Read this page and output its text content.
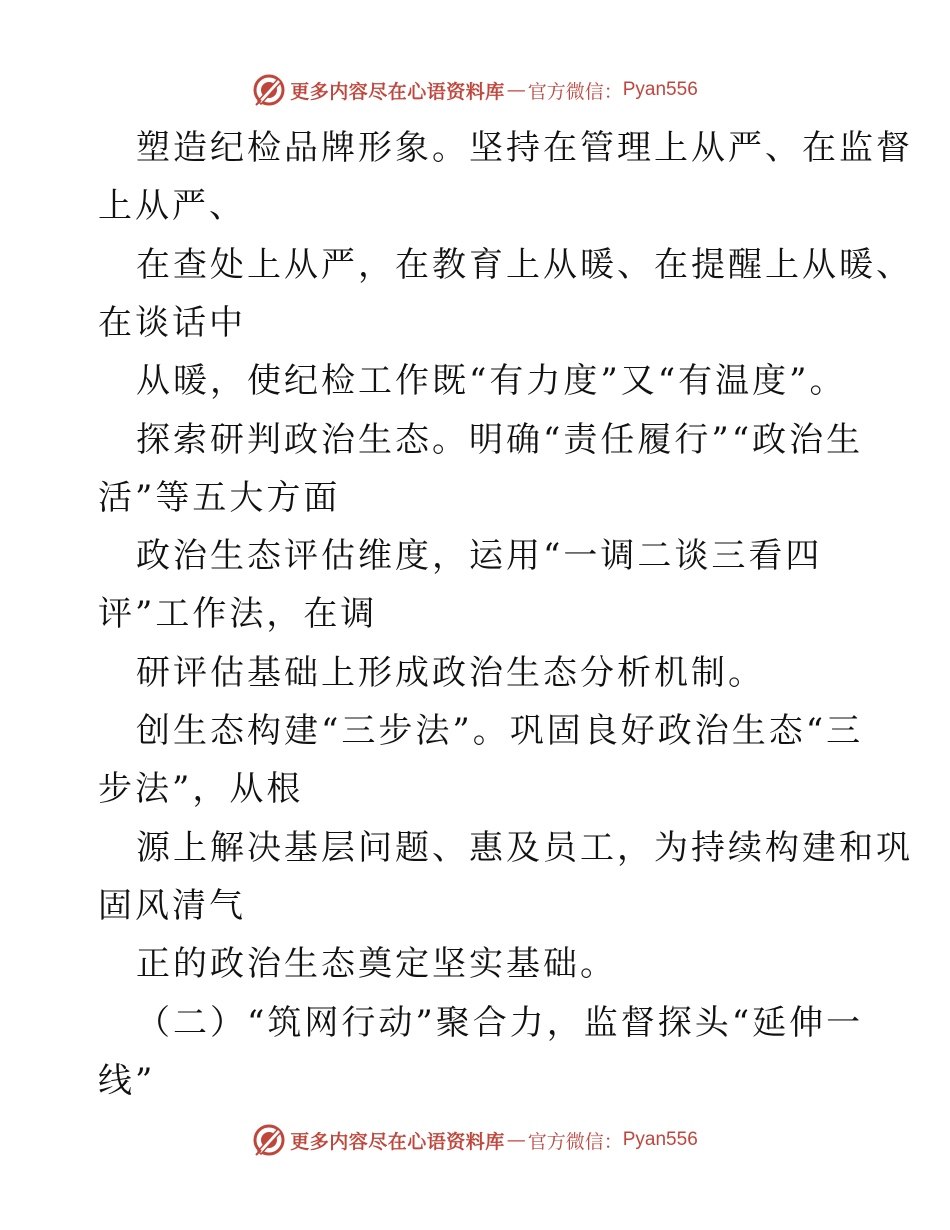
更多内容尽在心语资料库 — 官方微信： Pyan556
塑造纪检品牌形象。坚持在管理上从严、在监督
上从严、
在查处上从严，在教育上从暖、在提醒上从暖、
在谈话中
从暖，使纪检工作既“有力度”又“有温度”。
探索研判政治生态。明确“责任履行”“政治生
活”等五大方面
政治生态评估维度，运用“一调二谈三看四
评”工作法，在调
研评估基础上形成政治生态分析机制。
创生态构建“三步法”。巩固良好政治生态“三
步法”，从根
源上解决基层问题、惠及员工，为持续构建和巩
固风清气
正的政治生态奠定坚实基础。
（二）“筑网行动”聚合力，监督探头“延伸一
线”
更多内容尽在心语资料库 — 官方微信： Pyan556
